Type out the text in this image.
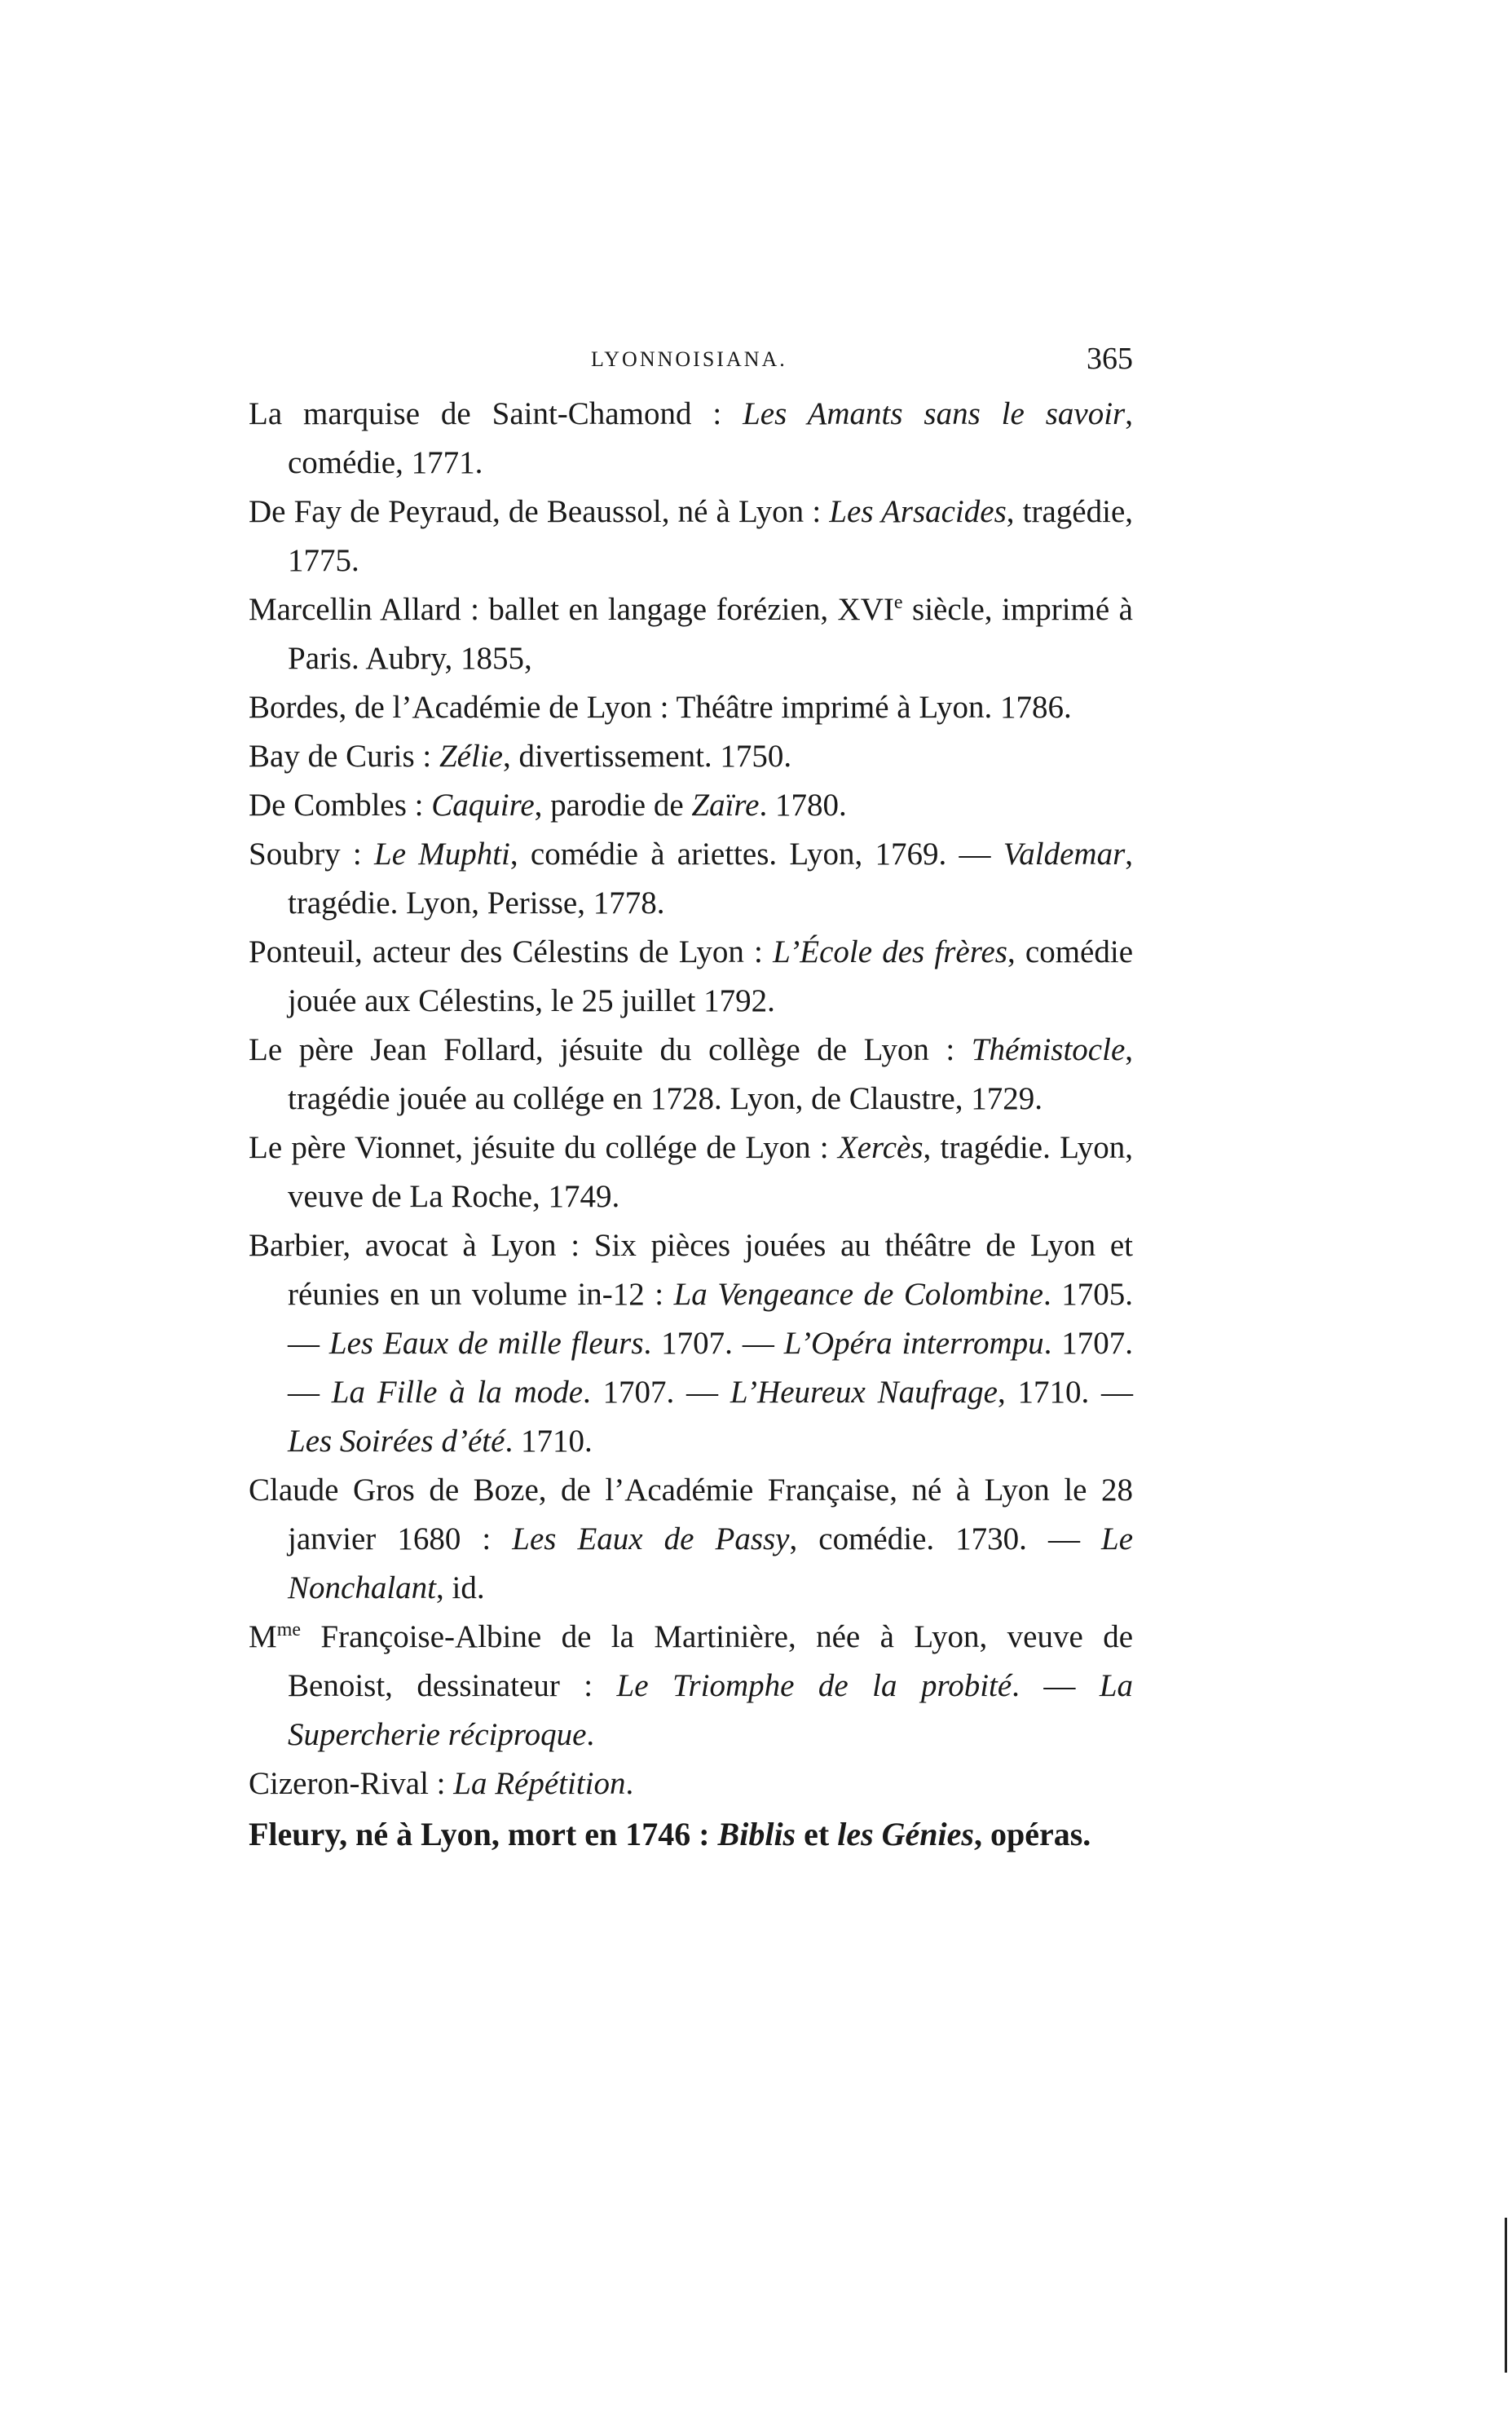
LYONNOISIANA.	365

La marquise de Saint-Chamond : Les Amants sans le savoir, comédie, 1771.

De Fay de Peyraud, de Beaussol, né à Lyon : Les Arsacides, tragédie, 1775.

Marcellin Allard : ballet en langage forézien, XVIe siècle, imprimé à Paris. Aubry, 1855,

Bordes, de l’Académie de Lyon : Théâtre imprimé à Lyon. 1786.

Bay de Curis : Zélie, divertissement. 1750.

De Combles : Caquire, parodie de Zaïre. 1780.

Soubry : Le Muphti, comédie à ariettes. Lyon, 1769. — Valdemar, tragédie. Lyon, Perisse, 1778.

Ponteuil, acteur des Célestins de Lyon : L’École des frères, comédie jouée aux Célestins, le 25 juillet 1792.

Le père Jean Follard, jésuite du collège de Lyon : Thémistocle, tragédie jouée au collége en 1728. Lyon, de Claustre, 1729.

Le père Vionnet, jésuite du collége de Lyon : Xercès, tragédie. Lyon, veuve de La Roche, 1749.

Barbier, avocat à Lyon : Six pièces jouées au théâtre de Lyon et réunies en un volume in-12 : La Vengeance de Colombine. 1705. — Les Eaux de mille fleurs. 1707. — L’Opéra interrompu. 1707. — La Fille à la mode. 1707. — L’Heureux Naufrage, 1710. — Les Soirées d’été. 1710.

Claude Gros de Boze, de l’Académie Française, né à Lyon le 28 janvier 1680 : Les Eaux de Passy, comédie. 1730. — Le Nonchalant, id.

$M^{me}$ Françoise-Albine de la Martinière, née à Lyon, veuve de Benoist, dessinateur : Le Triomphe de la probité. — La Supercherie réciproque.

Cizeron-Rival : La Répétition.

Fleury, né à Lyon, mort en 1746 : Biblis et les Génies, opéras.
